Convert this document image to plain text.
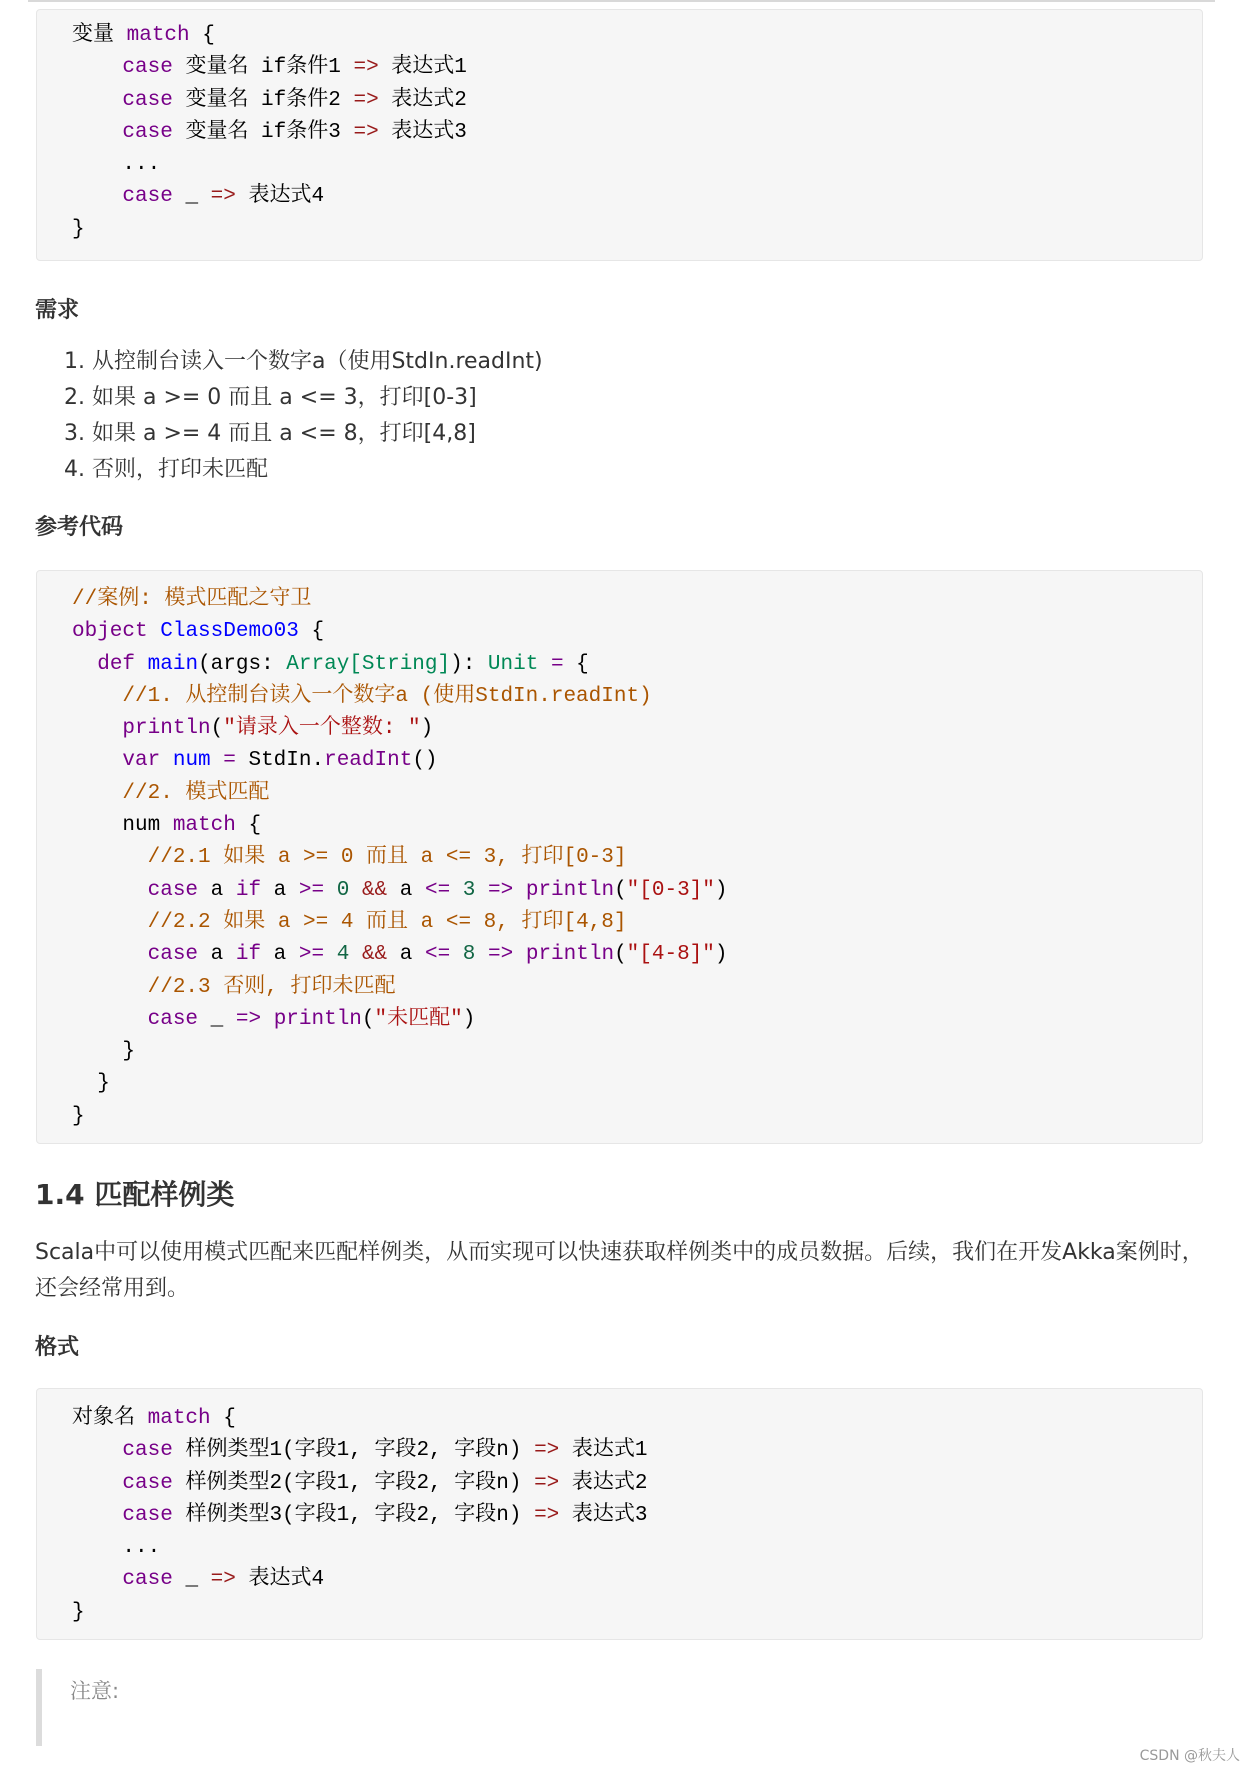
变量 match {
case 变量名 if条件1 => 表达式1
case 变量名 if条件2 => 表达式2
case 变量名 if条件3 => 表达式3
...
case _ => 表达式4
}
需求
1. 从控制台读入一个数字a（使用StdIn.readInt)
2. 如果 a >= 0 而且 a <= 3，打印[0-3]
3. 如果 a >= 4 而且 a <= 8，打印[4,8]
4. 否则，打印未匹配
参考代码
//案例: 模式匹配之守卫
object ClassDemo03 {
def main(args: Array[String]): Unit = {
//1. 从控制台读入一个数字a (使用StdIn.readInt)
println("请录入一个整数: ")
var num = StdIn.readInt()
//2. 模式匹配
num match {
//2.1 如果 a >= 0 而且 a <= 3, 打印[0-3]
case a if a >= 0 && a <= 3 => println("[0-3]")
//2.2 如果 a >= 4 而且 a <= 8, 打印[4,8]
case a if a >= 4 && a <= 8 => println("[4-8]")
//2.3 否则, 打印未匹配
case _ => println("未匹配")
}
}
}
1.4 匹配样例类
Scala中可以使用模式匹配来匹配样例类，从而实现可以快速获取样例类中的成员数据。后续，我们在开发Akka案例时，还会经常用到。
格式
对象名 match {
case 样例类型1(字段1, 字段2, 字段n) => 表达式1
case 样例类型2(字段1, 字段2, 字段n) => 表达式2
case 样例类型3(字段1, 字段2, 字段n) => 表达式3
...
case _ => 表达式4
}
注意:
CSDN @秋夫人
